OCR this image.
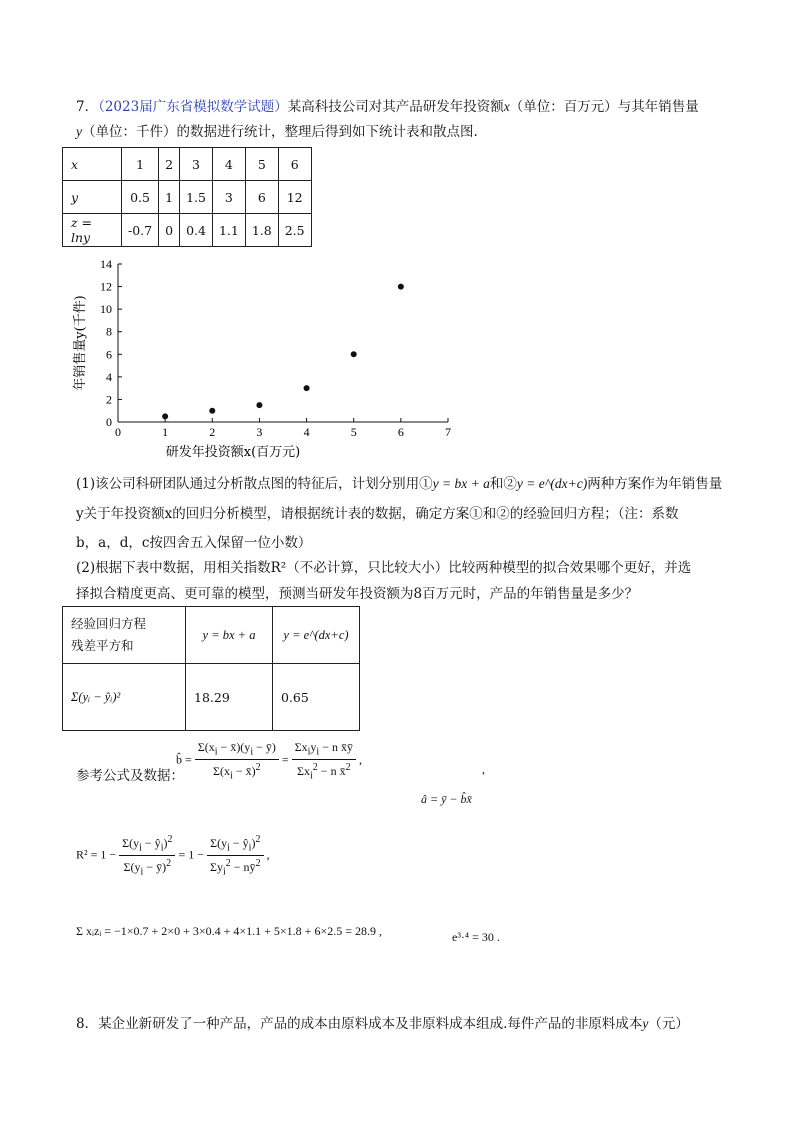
7．（2023届广东省模拟数学试题）某高科技公司对其产品研发年投资额x（单位：百万元）与其年销售量
y（单位：千件）的数据进行统计，整理后得到如下统计表和散点图.
x	1	2	3	4	5	6
y	0.5	1	1.5	3	6	12
z = lny	-0.7	0	0.4	1.1	1.8	2.5
0	1	2	3	4	5	6	7
0
2
4
6
8
10
12
14
研发年投资额x(百万元)
年销售量y(千件)
(1)该公司科研团队通过分析散点图的特征后，计划分别用①y = bx + a和②y = e^(dx+c)两种方案作为年销售量
y关于年投资额x的回归分析模型，请根据统计表的数据，确定方案①和②的经验回归方程；（注：系数
b，a，d，c按四舍五入保留一位小数）
(2)根据下表中数据，用相关指数R²（不必计算，只比较大小）比较两种模型的拟合效果哪个更好，并选
择拟合精度更高、更可靠的模型，预测当研发年投资额为8百万元时，产品的年销售量是多少？
经验回归方程
残差平方和	y = bx + a	y = e^(dx+c)
Σ(yᵢ − ŷᵢ)²	18.29	0.65
参考公式及数据：
b̂ = $\frac{\Sigma(x_i - x̄)(y_i - ȳ)}{\Sigma(x_i - x̄)^2} = \frac{\Sigma x_iy_i - n x̄ȳ}{\Sigma x_i^2 - n x̄^2}$ ,
,
â = ȳ − b̂x̄
$R^2 = 1 - \frac{\Sigma(y_i - ŷ_i)^2}{\Sigma(y_i - ȳ)^2} = 1 - \frac{\Sigma(y_i - ŷ_i)^2}{\Sigma y_i^2 - nȳ^2}$ ,
Σ xᵢzᵢ = −1×0.7 + 2×0 + 3×0.4 + 4×1.1 + 5×1.8 + 6×2.5 = 28.9 ,	e³·⁴ = 30 .
8．某企业新研发了一种产品，产品的成本由原料成本及非原料成本组成.每件产品的非原料成本y（元）
